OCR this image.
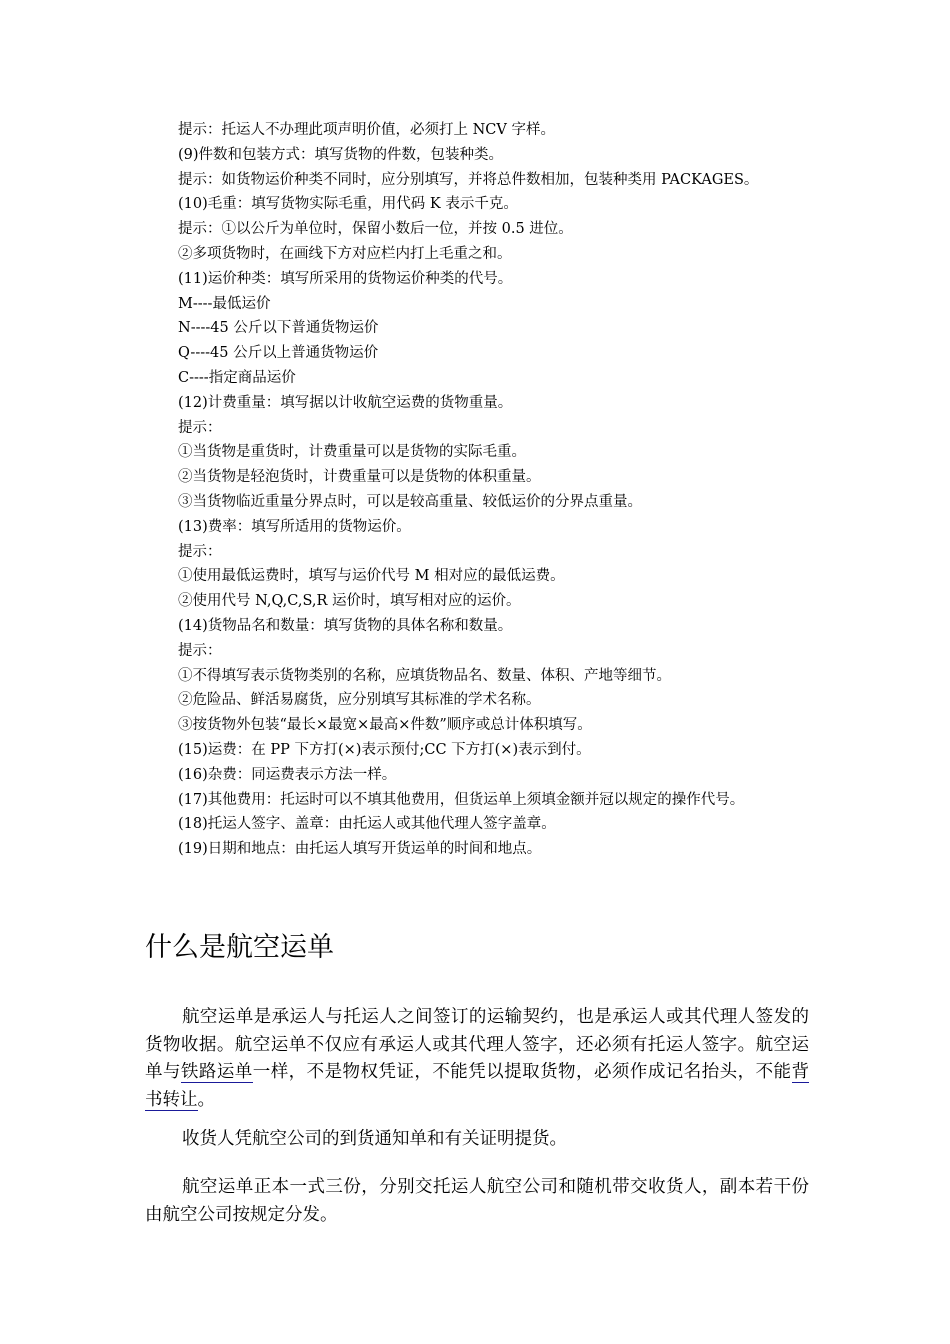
提示：托运人不办理此项声明价值，必须打上 NCV 字样。
(9)件数和包装方式：填写货物的件数，包装种类。
提示：如货物运价种类不同时，应分别填写，并将总件数相加，包装种类用 PACKAGES。
(10)毛重：填写货物实际毛重，用代码 K 表示千克。
提示：①以公斤为单位时，保留小数后一位，并按 0.5 进位。
②多项货物时，在画线下方对应栏内打上毛重之和。
(11)运价种类：填写所采用的货物运价种类的代号。
M----最低运价
N----45 公斤以下普通货物运价
Q----45 公斤以上普通货物运价
C----指定商品运价
(12)计费重量：填写据以计收航空运费的货物重量。
提示：
①当货物是重货时，计费重量可以是货物的实际毛重。
②当货物是轻泡货时，计费重量可以是货物的体积重量。
③当货物临近重量分界点时，可以是较高重量、较低运价的分界点重量。
(13)费率：填写所适用的货物运价。
提示：
①使用最低运费时，填写与运价代号 M 相对应的最低运费。
②使用代号 N,Q,C,S,R 运价时，填写相对应的运价。
(14)货物品名和数量：填写货物的具体名称和数量。
提示：
①不得填写表示货物类别的名称，应填货物品名、数量、体积、产地等细节。
②危险品、鲜活易腐货，应分别填写其标准的学术名称。
③按货物外包装“最长×最宽×最高×件数”顺序或总计体积填写。
(15)运费：在 PP 下方打(×)表示预付;CC 下方打(×)表示到付。
(16)杂费：同运费表示方法一样。
(17)其他费用：托运时可以不填其他费用，但货运单上须填金额并冠以规定的操作代号。
(18)托运人签字、盖章：由托运人或其他代理人签字盖章。
(19)日期和地点：由托运人填写开货运单的时间和地点。
什么是航空运单

航空运单是承运人与托运人之间签订的运输契约，也是承运人或其代理人签发的货物收据。航空运单不仅应有承运人或其代理人签字，还必须有托运人签字。航空运单与铁路运单一样，不是物权凭证，不能凭以提取货物，必须作成记名抬头，不能背书转让。

收货人凭航空公司的到货通知单和有关证明提货。

航空运单正本一式三份，分别交托运人航空公司和随机带交收货人，副本若干份由航空公司按规定分发。
